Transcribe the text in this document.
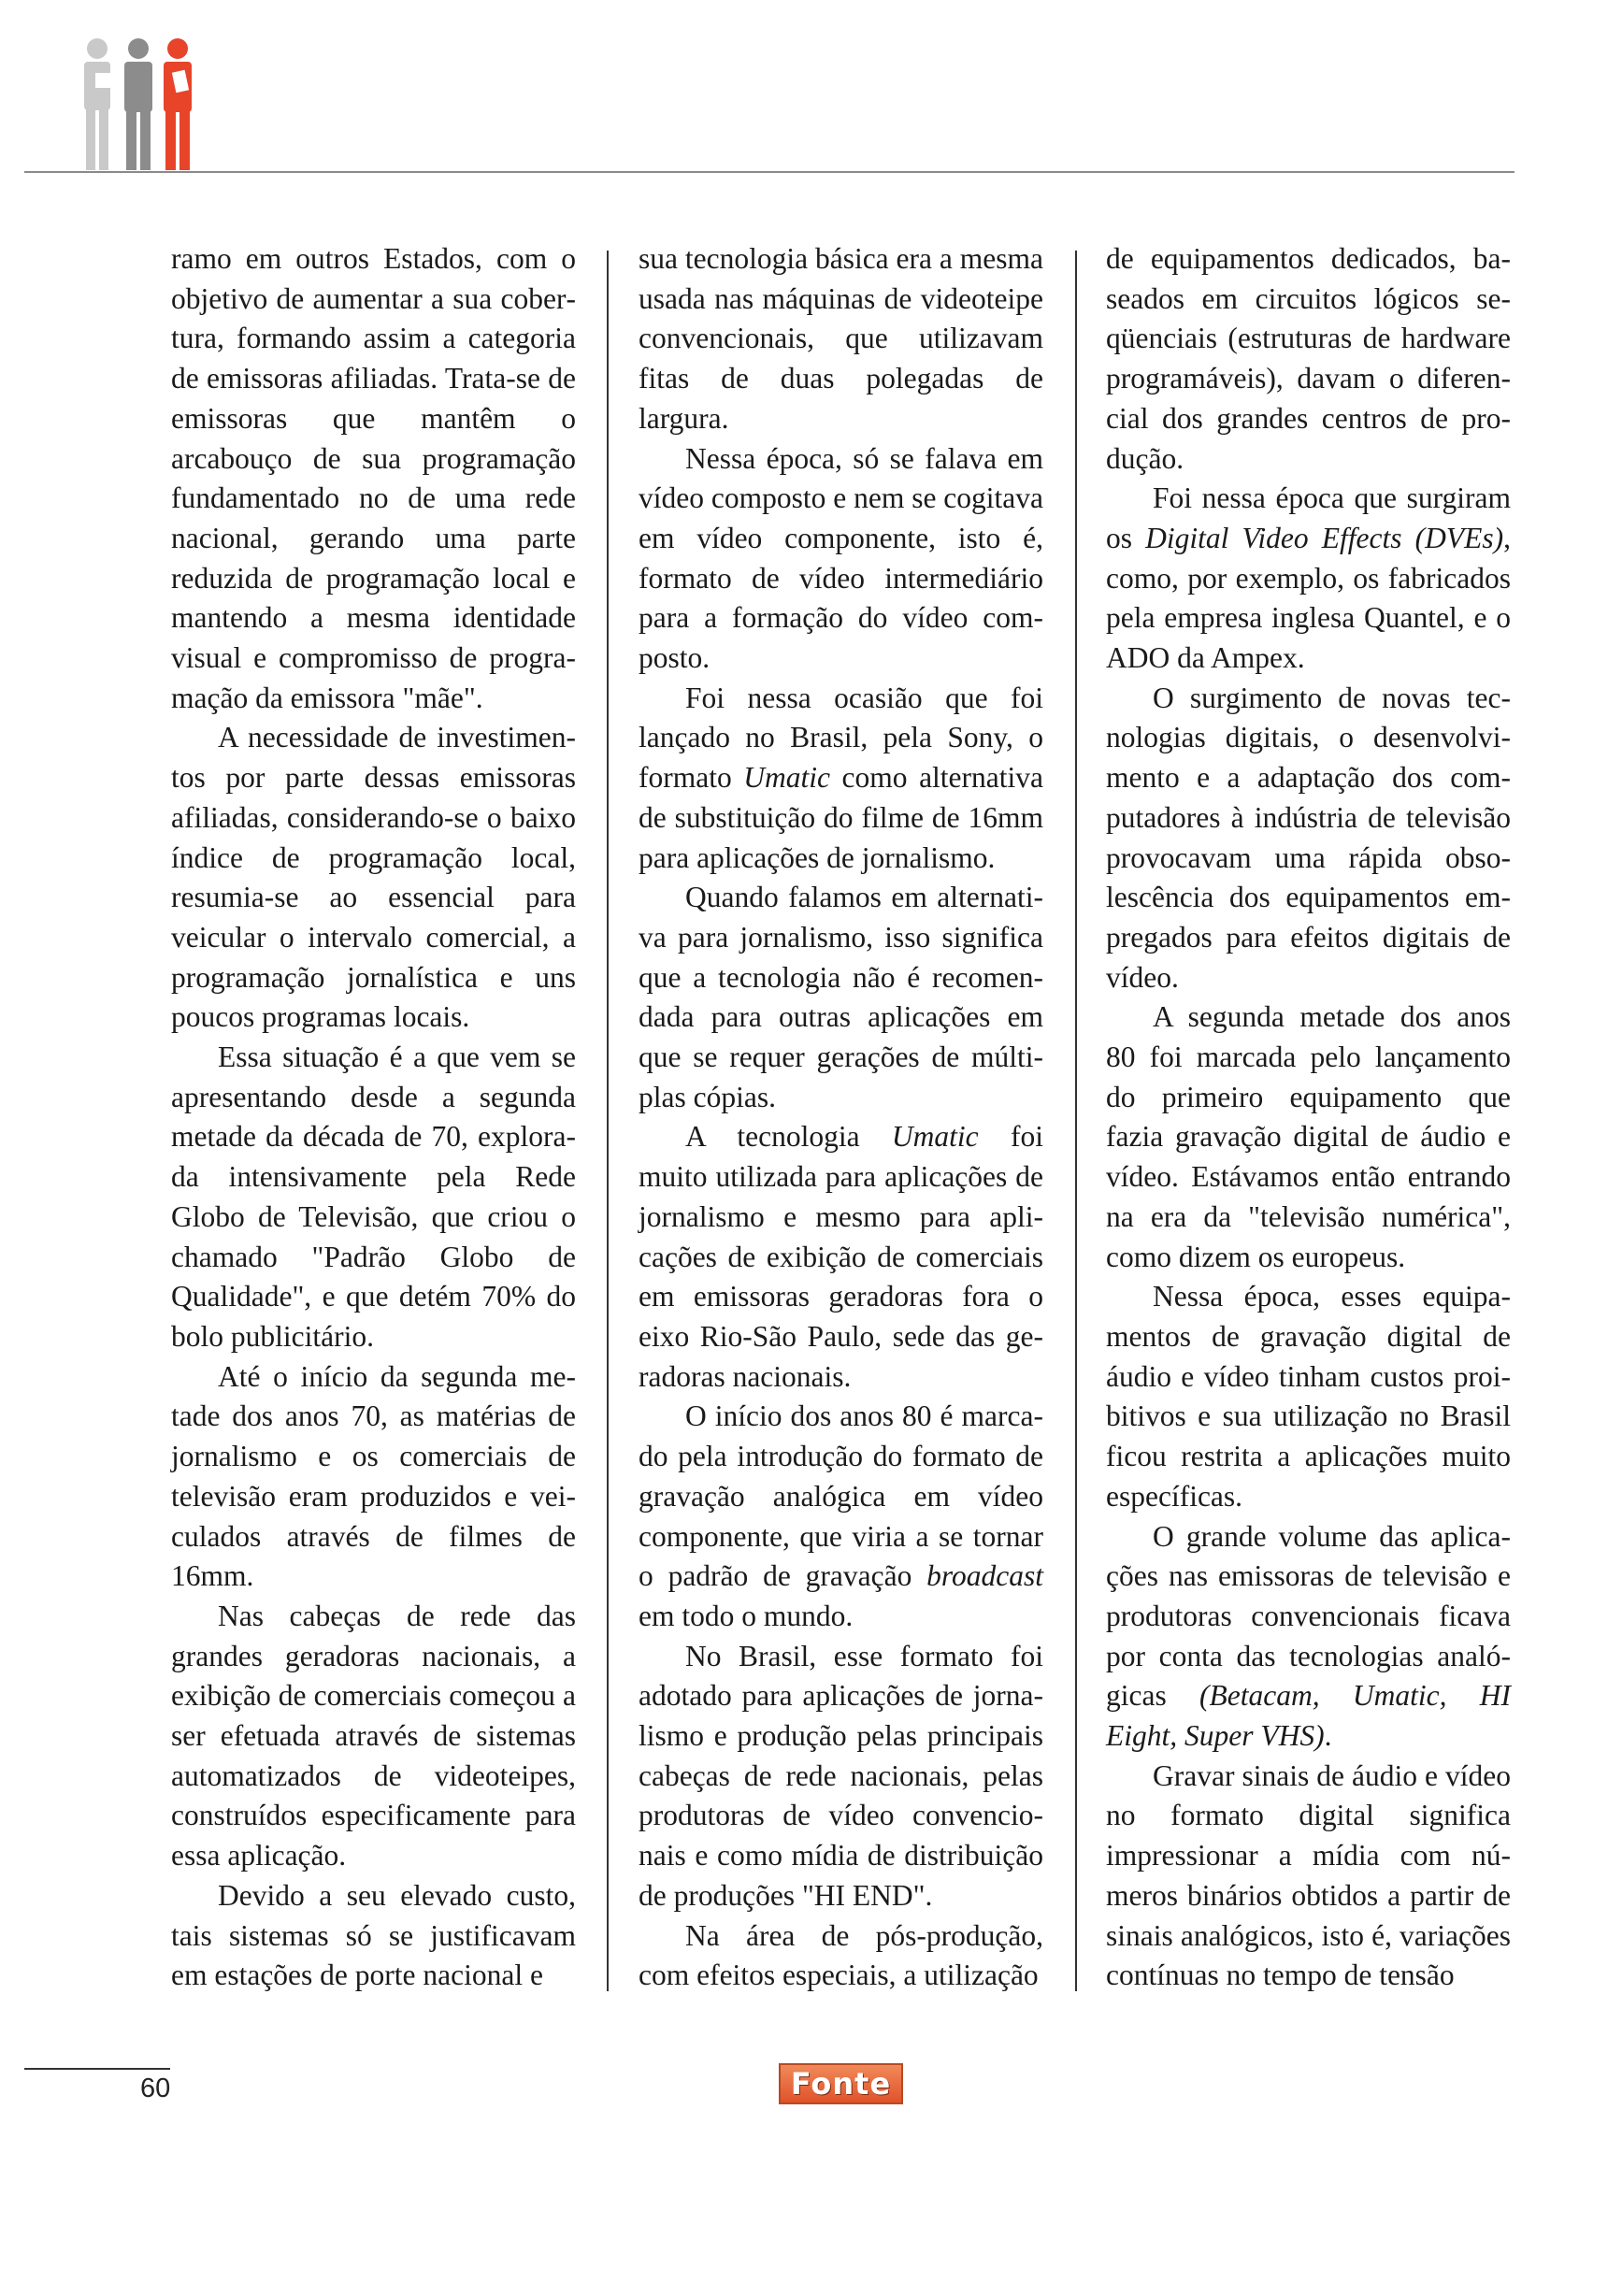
ramo em outros Estados, com o objetivo de aumentar a sua cobertura, formando assim a categoria de emissoras afiliadas. Trata-se de emissoras que mantêm o arcabouço de sua programação fundamentado no de uma rede nacional, gerando uma parte reduzida de programação local e mantendo a mesma identidade visual e compromisso de programação da emissora "mãe".

A necessidade de investimentos por parte dessas emissoras afiliadas, considerando-se o baixo índice de programação local, resumia-se ao essencial para veicular o intervalo comercial, a programação jornalística e uns poucos programas locais.

Essa situação é a que vem se apresentando desde a segunda metade da década de 70, explorada intensivamente pela Rede Globo de Televisão, que criou o chamado "Padrão Globo de Qualidade", e que detém 70% do bolo publicitário.

Até o início da segunda metade dos anos 70, as matérias de jornalismo e os comerciais de televisão eram produzidos e veiculados através de filmes de 16mm.

Nas cabeças de rede das grandes geradoras nacionais, a exibição de comerciais começou a ser efetuada através de sistemas automatizados de videoteipes, construídos especificamente para essa aplicação.

Devido a seu elevado custo, tais sistemas só se justificavam em estações de porte nacional e

sua tecnologia básica era a mesma usada nas máquinas de videoteipe convencionais, que utilizavam fitas de duas polegadas de largura.

Nessa época, só se falava em vídeo composto e nem se cogitava em vídeo componente, isto é, formato de vídeo intermediário para a formação do vídeo composto.

Foi nessa ocasião que foi lançado no Brasil, pela Sony, o formato Umatic como alternativa de substituição do filme de 16mm para aplicações de jornalismo.

Quando falamos em alternativa para jornalismo, isso significa que a tecnologia não é recomendada para outras aplicações em que se requer gerações de múltiplas cópias.

A tecnologia Umatic foi muito utilizada para aplicações de jornalismo e mesmo para aplicações de exibição de comerciais em emissoras geradoras fora o eixo Rio-São Paulo, sede das geradoras nacionais.

O início dos anos 80 é marcado pela introdução do formato de gravação analógica em vídeo componente, que viria a se tornar o padrão de gravação broadcast em todo o mundo.

No Brasil, esse formato foi adotado para aplicações de jornalismo e produção pelas principais cabeças de rede nacionais, pelas produtoras de vídeo convencionais e como mídia de distribuição de produções "HI END".

Na área de pós-produção, com efeitos especiais, a utilização

de equipamentos dedicados, baseados em circuitos lógicos seqüenciais (estruturas de hardware programáveis), davam o diferencial dos grandes centros de produção.

Foi nessa época que surgiram os Digital Video Effects (DVEs), como, por exemplo, os fabricados pela empresa inglesa Quantel, e o ADO da Ampex.

O surgimento de novas tecnologias digitais, o desenvolvimento e a adaptação dos computadores à indústria de televisão provocavam uma rápida obsolescência dos equipamentos empregados para efeitos digitais de vídeo.

A segunda metade dos anos 80 foi marcada pelo lançamento do primeiro equipamento que fazia gravação digital de áudio e vídeo. Estávamos então entrando na era da "televisão numérica", como dizem os europeus.

Nessa época, esses equipamentos de gravação digital de áudio e vídeo tinham custos proibitivos e sua utilização no Brasil ficou restrita a aplicações muito específicas.

O grande volume das aplicações nas emissoras de televisão e produtoras convencionais ficava por conta das tecnologias analógicas (Betacam, Umatic, HI Eight, Super VHS).

Gravar sinais de áudio e vídeo no formato digital significa impressionar a mídia com números binários obtidos a partir de sinais analógicos, isto é, variações contínuas no tempo de tensão

60	Fonte
